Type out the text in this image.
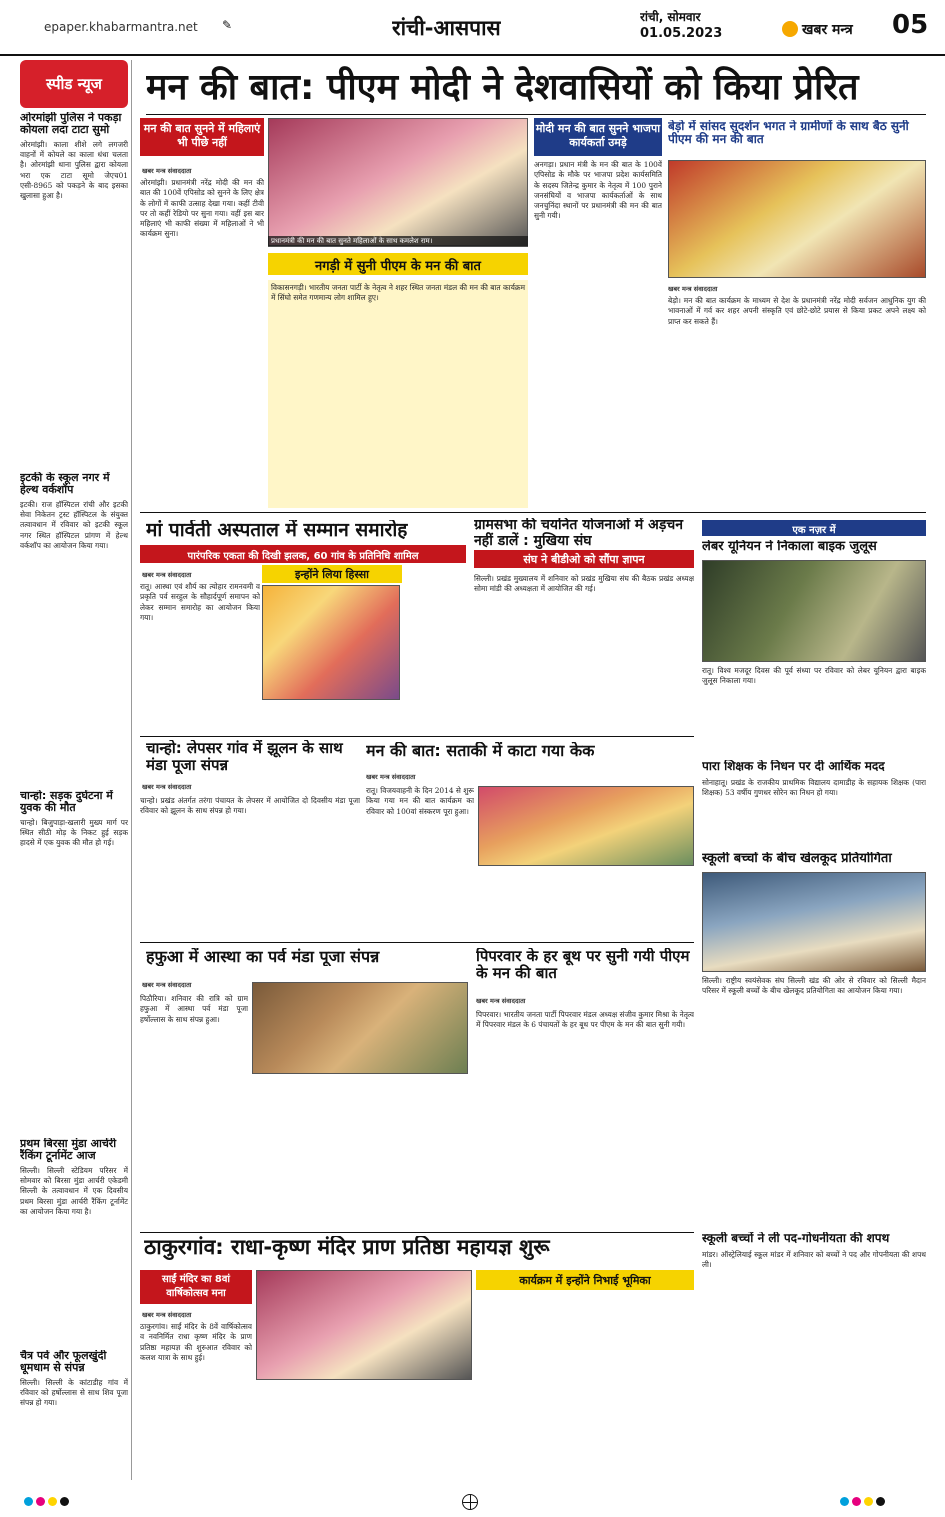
epaper.khabarmantra.net ✎	रांची-आसपास	रांची, सोमवार
01.05.2023	खबर मन्त्र 05
स्पीड न्यूज
ओरमांझी पुलिस ने पकड़ा कोयला लदा टाटा सुमो
ओरमांझी। काला शीशे लगे लगजरी वाहनों में कोयले का काला धंधा चलता है। ओरमांझी थाना पुलिस द्वारा कोयला भरा एक टाटा सूमो जेएच01 एसी-8965 को पकड़ने के बाद इसका खुलासा हुआ है।
इटकी के स्कूल नगर में हेल्थ वर्कशॉप
इटकी। राज हॉस्पिटल रांची और इटकी सेवा निकेतन ट्रस्ट हॉस्पिटल के संयुक्त तत्वावधान में रविवार को इटकी स्कूल नगर स्थित हॉस्पिटल प्रांगण में हेल्थ वर्कशॉप का आयोजन किया गया।
चान्हो: सड़क दुर्घटना में युवक की मौत
चान्हो। बिजुपाड़ा-खलारी मुख्य मार्ग पर स्थित सीठी मोड़ के निकट हुई सड़क हादसे में एक युवक की मौत हो गई।
प्रथम बिरसा मुंडा आर्चरी रैंकिंग टूर्नामेंट आज
सिल्ली। सिल्ली स्टेडियम परिसर में सोमवार को बिरसा मुंडा आर्चरी एकेडमी सिल्ली के तत्वावधान में एक दिवसीय प्रथम बिरसा मुंडा आर्चरी रैंकिंग टूर्नामेंट का आयोजन किया गया है।
चैत्र पर्व और फूलखुंदी धूमधाम से संपन्न
सिल्ली। सिल्ली के कांटाडीह गांव में रविवार को हर्षोल्लास से साथ शिव पूजा संपन्न हो गया।
मन की बात: पीएम मोदी ने देशवासियों को किया प्रेरित
मन की बात सुनने में महिलाएं भी पीछे नहीं
प्रधानमंत्री की मन की बात सुनते महिलाओं के साथ कमलेश राम।
खबर मन्त्र संवाददाता
ओरमांझी। प्रधानमंत्री नरेंद्र मोदी की मन की बात की 100वें एपिसोड को सुनने के लिए क्षेत्र के लोगों में काफी उत्साह देखा गया। कहीं टीवी पर तो कहीं रेडियो पर सुना गया। वहीं इस बार महिलाएं भी काफी संख्या में महिलाओं ने भी कार्यक्रम सुना।
नगड़ी में सुनी पीएम के मन की बात
विकासनगड़ी। भारतीय जनता पार्टी के नेतृत्व ने शहर स्थित जनता मंडल की मन की बात कार्यक्रम में सिंघो समेत गणमान्य लोग शामिल हुए।
मोदी मन की बात सुनने भाजपा कार्यकर्ता उमड़े
अनगड़ा। प्रधान मंत्री के मन की बात के 100वें एपिसोड के मौके पर भाजपा प्रदेश कार्यसमिति के सदस्य जितेन्द्र कुमार के नेतृत्व में 100 पुराने जनसंघियों व भाजपा कार्यकर्ताओं के साथ जनचुनिंदा स्थानों पर प्रधानमंत्री की मन की बात सुनी गयी।
बेड़ो में सांसद सुदर्शन भगत ने ग्रामीणों के साथ बैठ सुनी पीएम की मन की बात
खबर मन्त्र संवाददाता
बेड़ो। मन की बात कार्यक्रम के माध्यम से देश के प्रधानमंत्री नरेंद्र मोदी सर्वजन आधुनिक युग की भावनाओं में गर्व कर शहर अपनी संस्कृति एवं छोटे-छोटे प्रयास से किया प्रकट अपने लक्ष्य को प्राप्त कर सकते हैं।
मां पार्वती अस्पताल में सम्मान समारोह
पारंपरिक एकता की दिखी झलक, 60 गांव के प्रतिनिधि शामिल
खबर मन्त्र संवाददाता
रातू। आस्था एवं शौर्य का त्योहार रामनवमी व प्रकृति पर्व सरहुल के सौहार्दपूर्ण समापन को लेकर सम्मान समारोह का आयोजन किया गया।
इन्होंने लिया हिस्सा
ग्रामसभा की चयनित योजनाओं में अड़चन नहीं डालें : मुखिया संघ
संघ ने बीडीओ को सौंपा ज्ञापन
सिल्ली। प्रखंड मुख्यालय में शनिवार को प्रखंड मुखिया संघ की बैठक प्रखंड अध्यक्ष सोमा मांडी की अध्यक्षता में आयोजित की गई।
एक नज़र में
लेबर यूनियन ने निकाला बाइक जुलूस
रातू। विश्व मजदूर दिवस की पूर्व संध्या पर रविवार को लेबर यूनियन द्वारा बाइक जुलूस निकाला गया।
पारा शिक्षक के निधन पर दी आर्थिक मदद
सोनाहातू। प्रखंड के राजकीय प्राथमिक विद्यालय दामाडीह के सहायक शिक्षक (पारा शिक्षक) 53 वर्षीय गुणधर सोरेन का निधन हो गया।
स्कूली बच्चों के बीच खेलकूद प्रतियोगिता
सिल्ली। राष्ट्रीय स्वयंसेवक संघ सिल्ली खंड की ओर से रविवार को सिल्ली मैदान परिसर में स्कूली बच्चों के बीच खेलकूद प्रतियोगिता का आयोजन किया गया।
स्कूली बच्चों ने ली पद-गोधनीयता की शपथ
मांडर। ऑस्ट्रेलियाई स्कूल मांडर में शनिवार को बच्चों ने पद और गोपनीयता की शपथ ली।
चान्हो: लेपसर गांव में झूलन के साथ मंडा पूजा संपन्न
खबर मन्त्र संवाददाता
चान्हो। प्रखंड अंतर्गत तरंगा पंचायत के लेपसर में आयोजित दो दिवसीय मंडा पूजा रविवार को झूलन के साथ संपन्न हो गया।
मन की बात: सताकी में काटा गया केक
खबर मन्त्र संवाददाता
रातू। विजयवाहनी के दिन 2014 से शुरू किया गया मन की बात कार्यक्रम का रविवार को 100वां संस्करण पूरा हुआ।
हफुआ में आस्था का पर्व मंडा पूजा संपन्न
खबर मन्त्र संवाददाता
पिठौरिया। शनिवार की रात्रि को ग्राम हफुआ में आस्था पर्व मंडा पूजा हर्षोल्लास के साथ संपन्न हुआ।
पिपरवार के हर बूथ पर सुनी गयी पीएम के मन की बात
खबर मन्त्र संवाददाता
पिपरवार। भारतीय जनता पार्टी पिपरवार मंडल अध्यक्ष संजीव कुमार मिश्रा के नेतृत्व में पिपरवार मंडल के 6 पंचायतों के हर बूथ पर पीएम के मन की बात सुनी गयी।
ठाकुरगांव: राधा-कृष्ण मंदिर प्राण प्रतिष्ठा महायज्ञ शुरू
साईं मंदिर का 8वां वार्षिकोत्सव मना
खबर मन्त्र संवाददाता
ठाकुरगांव। साईं मंदिर के 8वें वार्षिकोत्सव व नवनिर्मित राधा कृष्ण मंदिर के प्राण प्रतिष्ठा महायज्ञ की शुरुआत रविवार को कलश यात्रा के साथ हुई।
कार्यक्रम में इन्होंने निभाई भूमिका
